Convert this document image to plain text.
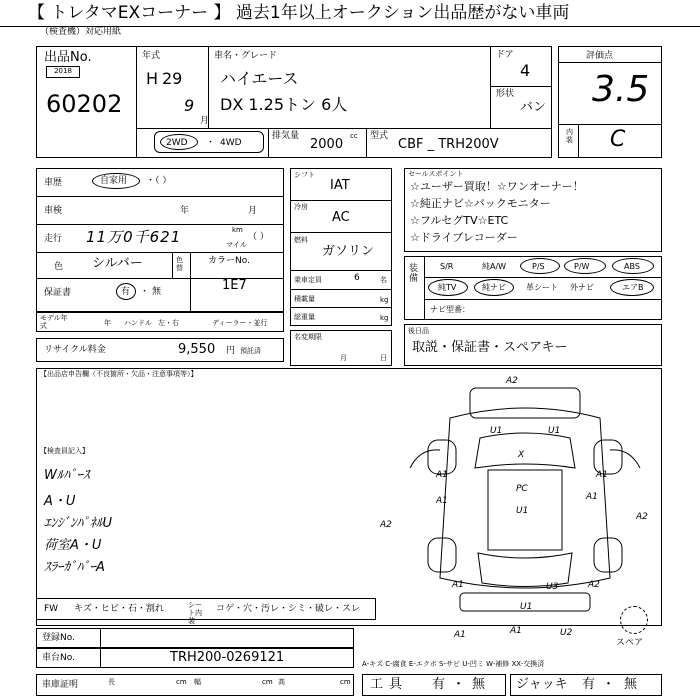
【 トレタマEXコーナー 】 過去1年以上オークション出品歴がない車両
（検査機）対応用紙
出品No.
2018
60202
年式
H 29
9
月
車名・グレード
ハイエース
DX 1.25トン 6人
ドア
4
形状
バン
2WD ・ 4WD
排気量
2000
cc 型式
CBF _ TRH200V
評価点
3.5
内装 C
車歴	自家用 ・（ ）
車検	年	月
走行 11万0千621	km
マイル
（ ）
色 シルバー	色替
カラーNo.
1E7
保証書	有 ・ 無
モデル年式	年 ハンドル 左・右	ディーラー・並行
リサイクル料金	9,550 円 預託済
シフト
IAT
冷房
AC
燃料
ガソリン
乗車定員	6	名
積載量	kg
総重量	kg
名変期限
月	日
セールスポイント
☆ユーザー買取！☆ワンオーナー！
☆純正ナビ☆バックモニター
☆フルセグTV☆ETC
☆ドライブレコーダー
装備
S/R	純A/W	P/S	P/W	ABS
純TV	純ナビ	革シート 外ナビ	エアB
ナビ型番：
後日品
取説・保証書・スペアキー
【出品店申告欄（不良箇所・欠品・注意事項等）】
【検査員記入】
Wﾙﾊﾞｰｽ
A・U
ｴﾝｼﾞﾝﾊﾟﾈﾙU
荷室A・U
ｽﾗｰｶﾞﾊﾞｰA
A2
U1	U1
X
A1	A1
PC
U1
A1	A1
A2
A2
U3	A2
A1
A1	A1	U2
U1
スペア
FW キズ・ヒビ・石・割れ	シート内装
コゲ・穴・汚レ・シミ・破レ・スレ
登録No.
車台No.	TRH200-0269121	A-キズ C-腐食 E-エクボ S-サビ U-凹ミ W-補修 XX-交換済
車庫証明	長	cm 幅	cm 高	cm 工具 有 ・ 無 ジャッキ 有 ・ 無
